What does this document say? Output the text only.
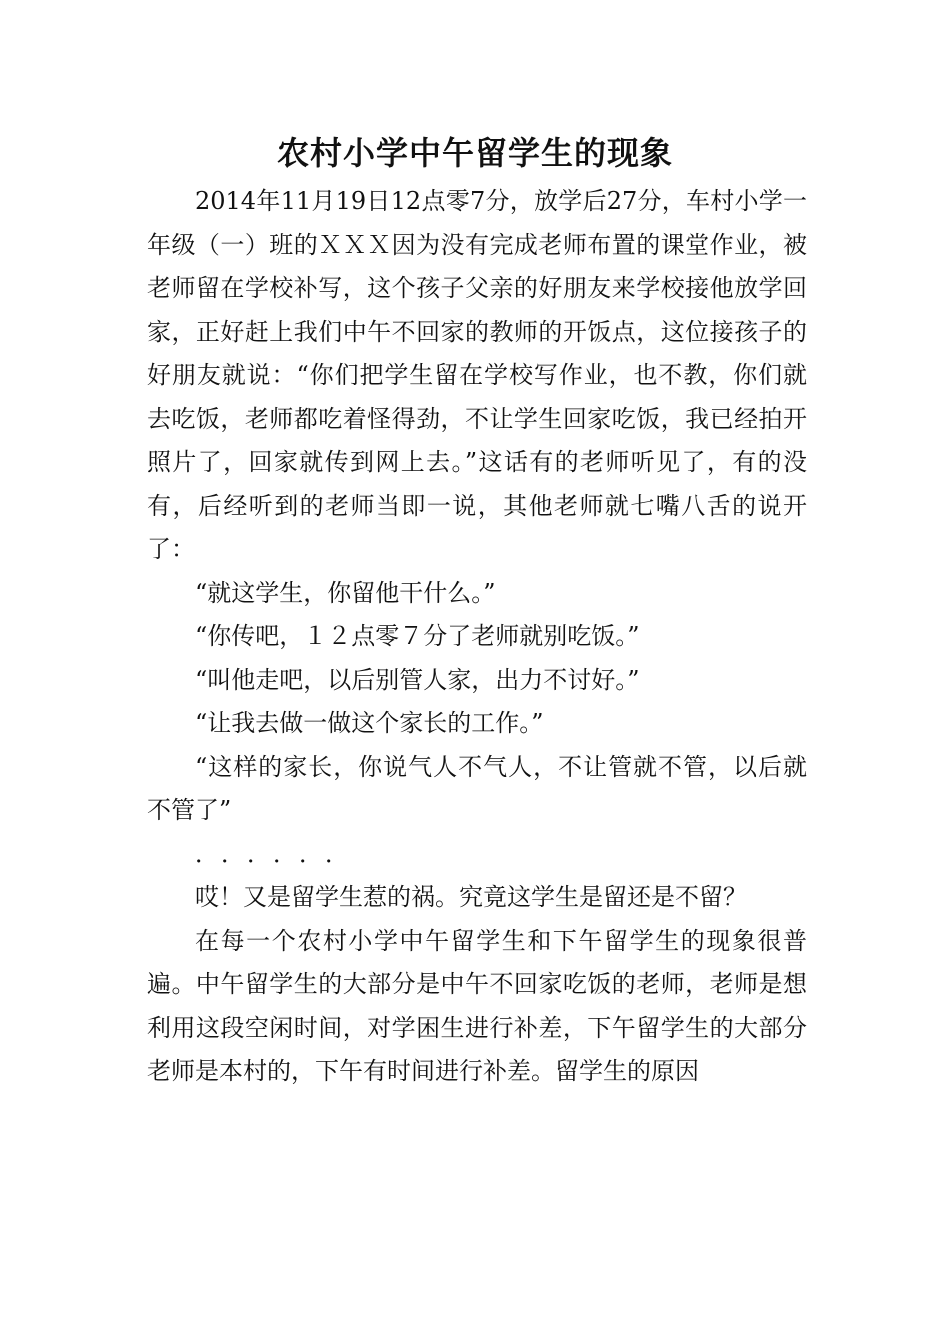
农村小学中午留学生的现象

2014年11月19日12点零7分，放学后27分，车村小学一年级（一）班的ＸＸＸ因为没有完成老师布置的课堂作业，被老师留在学校补写，这个孩子父亲的好朋友来学校接他放学回家，正好赶上我们中午不回家的教师的开饭点，这位接孩子的好朋友就说：“你们把学生留在学校写作业，也不教，你们就去吃饭，老师都吃着怪得劲，不让学生回家吃饭，我已经拍开照片了，回家就传到网上去。”这话有的老师听见了，有的没有，后经听到的老师当即一说，其他老师就七嘴八舌的说开了：

“就这学生，你留他干什么。”

“你传吧，１２点零７分了老师就别吃饭。”

“叫他走吧，以后别管人家，出力不讨好。”

“让我去做一做这个家长的工作。”

“这样的家长，你说气人不气人，不让管就不管，以后就不管了”

．．．．．．

哎！又是留学生惹的祸。究竟这学生是留还是不留？

在每一个农村小学中午留学生和下午留学生的现象很普遍。中午留学生的大部分是中午不回家吃饭的老师，老师是想利用这段空闲时间，对学困生进行补差，下午留学生的大部分老师是本村的，下午有时间进行补差。留学生的原因
